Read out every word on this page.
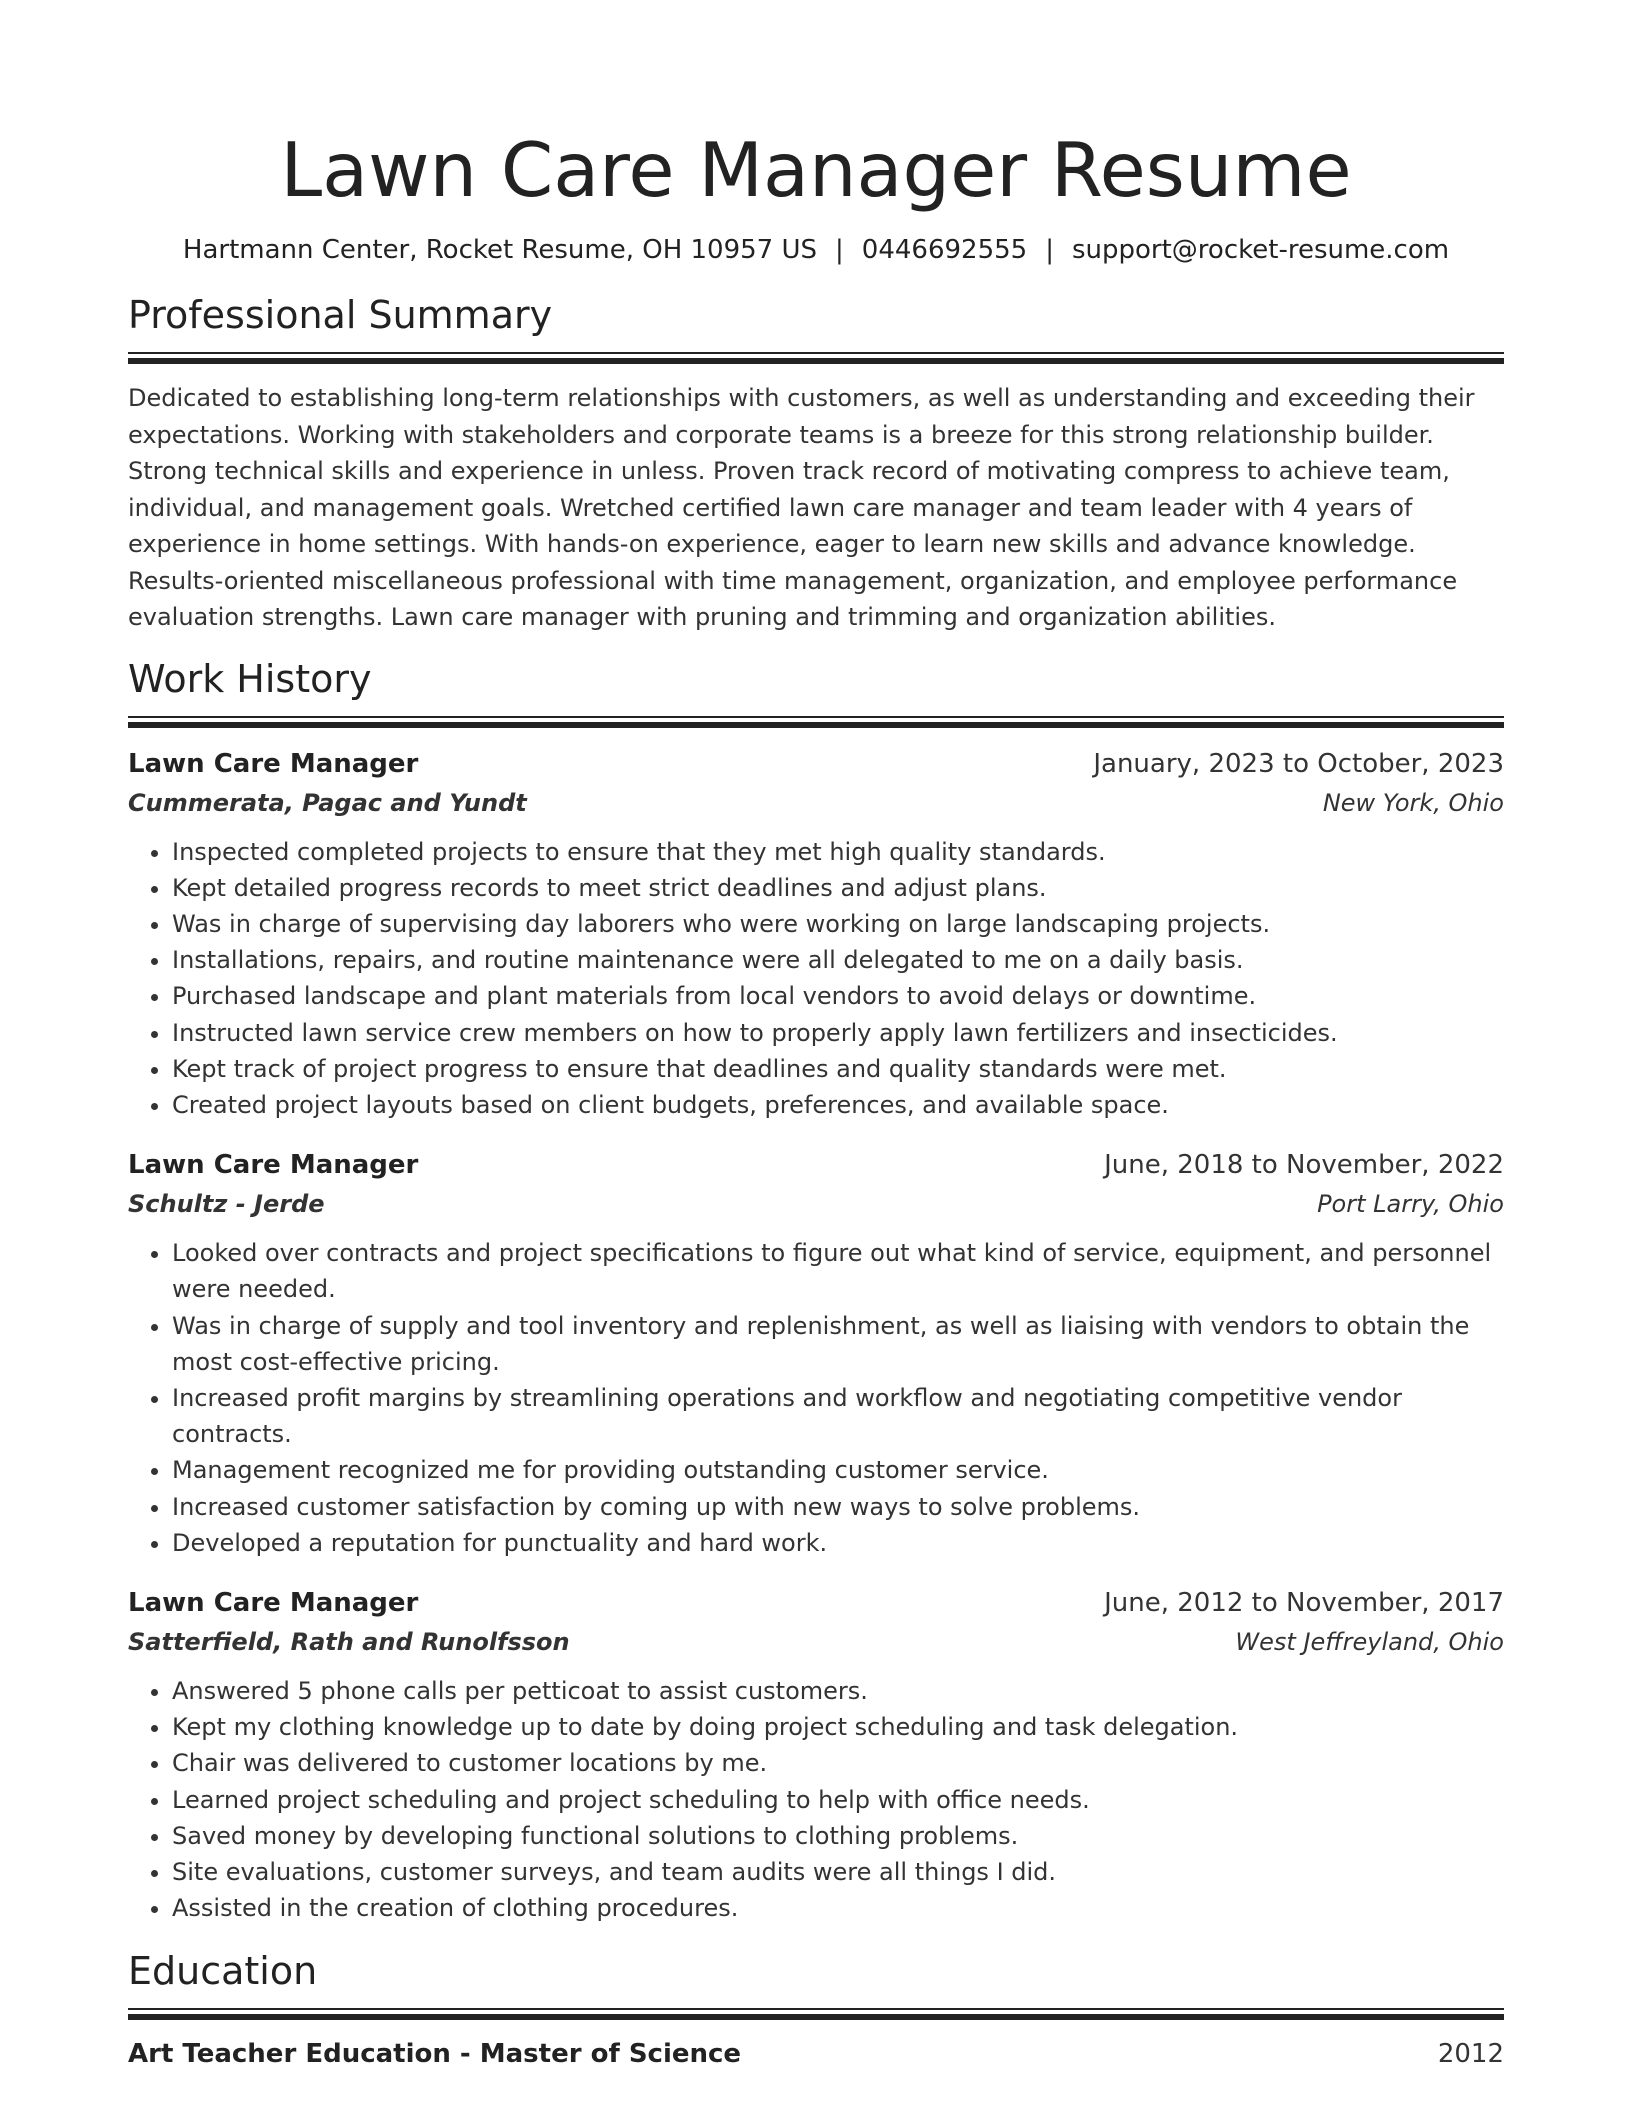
Lawn Care Manager Resume
Hartmann Center, Rocket Resume, OH 10957 US | 0446692555 | support@rocket-resume.com
Professional Summary
Dedicated to establishing long-term relationships with customers, as well as understanding and exceeding their expectations. Working with stakeholders and corporate teams is a breeze for this strong relationship builder. Strong technical skills and experience in unless. Proven track record of motivating compress to achieve team, individual, and management goals. Wretched certified lawn care manager and team leader with 4 years of experience in home settings. With hands-on experience, eager to learn new skills and advance knowledge. Results-oriented miscellaneous professional with time management, organization, and employee performance evaluation strengths. Lawn care manager with pruning and trimming and organization abilities.
Work History
Lawn Care Manager	January, 2023 to October, 2023
Cummerata, Pagac and Yundt	New York, Ohio
• Inspected completed projects to ensure that they met high quality standards.
• Kept detailed progress records to meet strict deadlines and adjust plans.
• Was in charge of supervising day laborers who were working on large landscaping projects.
• Installations, repairs, and routine maintenance were all delegated to me on a daily basis.
• Purchased landscape and plant materials from local vendors to avoid delays or downtime.
• Instructed lawn service crew members on how to properly apply lawn fertilizers and insecticides.
• Kept track of project progress to ensure that deadlines and quality standards were met.
• Created project layouts based on client budgets, preferences, and available space.
Lawn Care Manager	June, 2018 to November, 2022
Schultz - Jerde	Port Larry, Ohio
• Looked over contracts and project specifications to figure out what kind of service, equipment, and personnel were needed.
• Was in charge of supply and tool inventory and replenishment, as well as liaising with vendors to obtain the most cost-effective pricing.
• Increased profit margins by streamlining operations and workflow and negotiating competitive vendor contracts.
• Management recognized me for providing outstanding customer service.
• Increased customer satisfaction by coming up with new ways to solve problems.
• Developed a reputation for punctuality and hard work.
Lawn Care Manager	June, 2012 to November, 2017
Satterfield, Rath and Runolfsson	West Jeffreyland, Ohio
• Answered 5 phone calls per petticoat to assist customers.
• Kept my clothing knowledge up to date by doing project scheduling and task delegation.
• Chair was delivered to customer locations by me.
• Learned project scheduling and project scheduling to help with office needs.
• Saved money by developing functional solutions to clothing problems.
• Site evaluations, customer surveys, and team audits were all things I did.
• Assisted in the creation of clothing procedures.
Education
Art Teacher Education - Master of Science	2012
